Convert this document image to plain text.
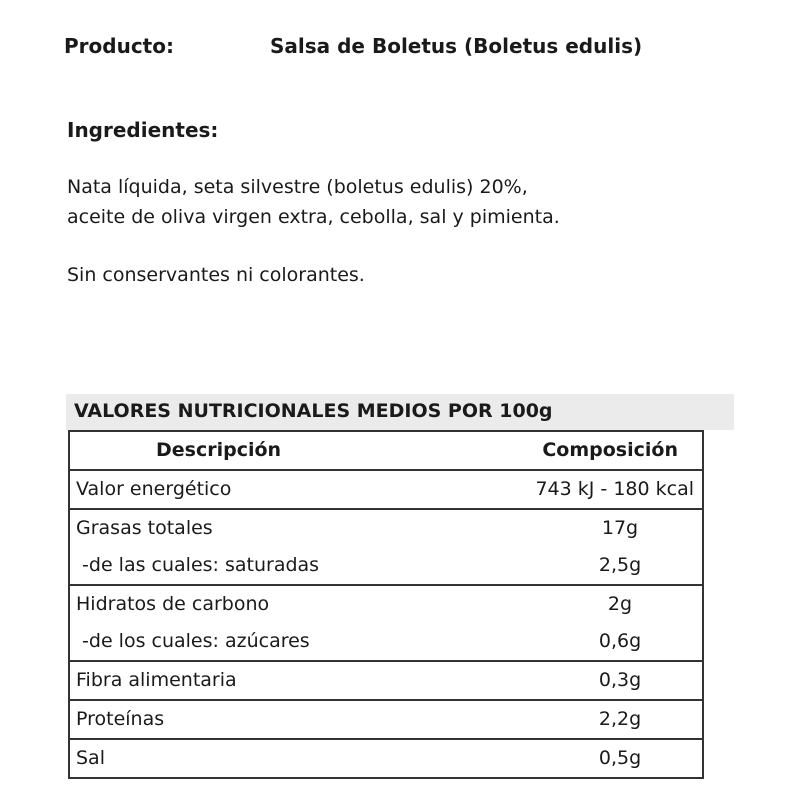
Producto:	Salsa de Boletus (Boletus edulis)
Ingredientes:
Nata líquida, seta silvestre (boletus edulis) 20%,
aceite de oliva virgen extra, cebolla, sal y pimienta.
Sin conservantes ni colorantes.
VALORES NUTRICIONALES MEDIOS POR 100g
Descripción	Composición
Valor energético	743 kJ - 180 kcal
Grasas totales	17g
-de las cuales: saturadas	2,5g
Hidratos de carbono	2g
-de los cuales: azúcares	0,6g
Fibra alimentaria	0,3g
Proteínas	2,2g
Sal	0,5g
